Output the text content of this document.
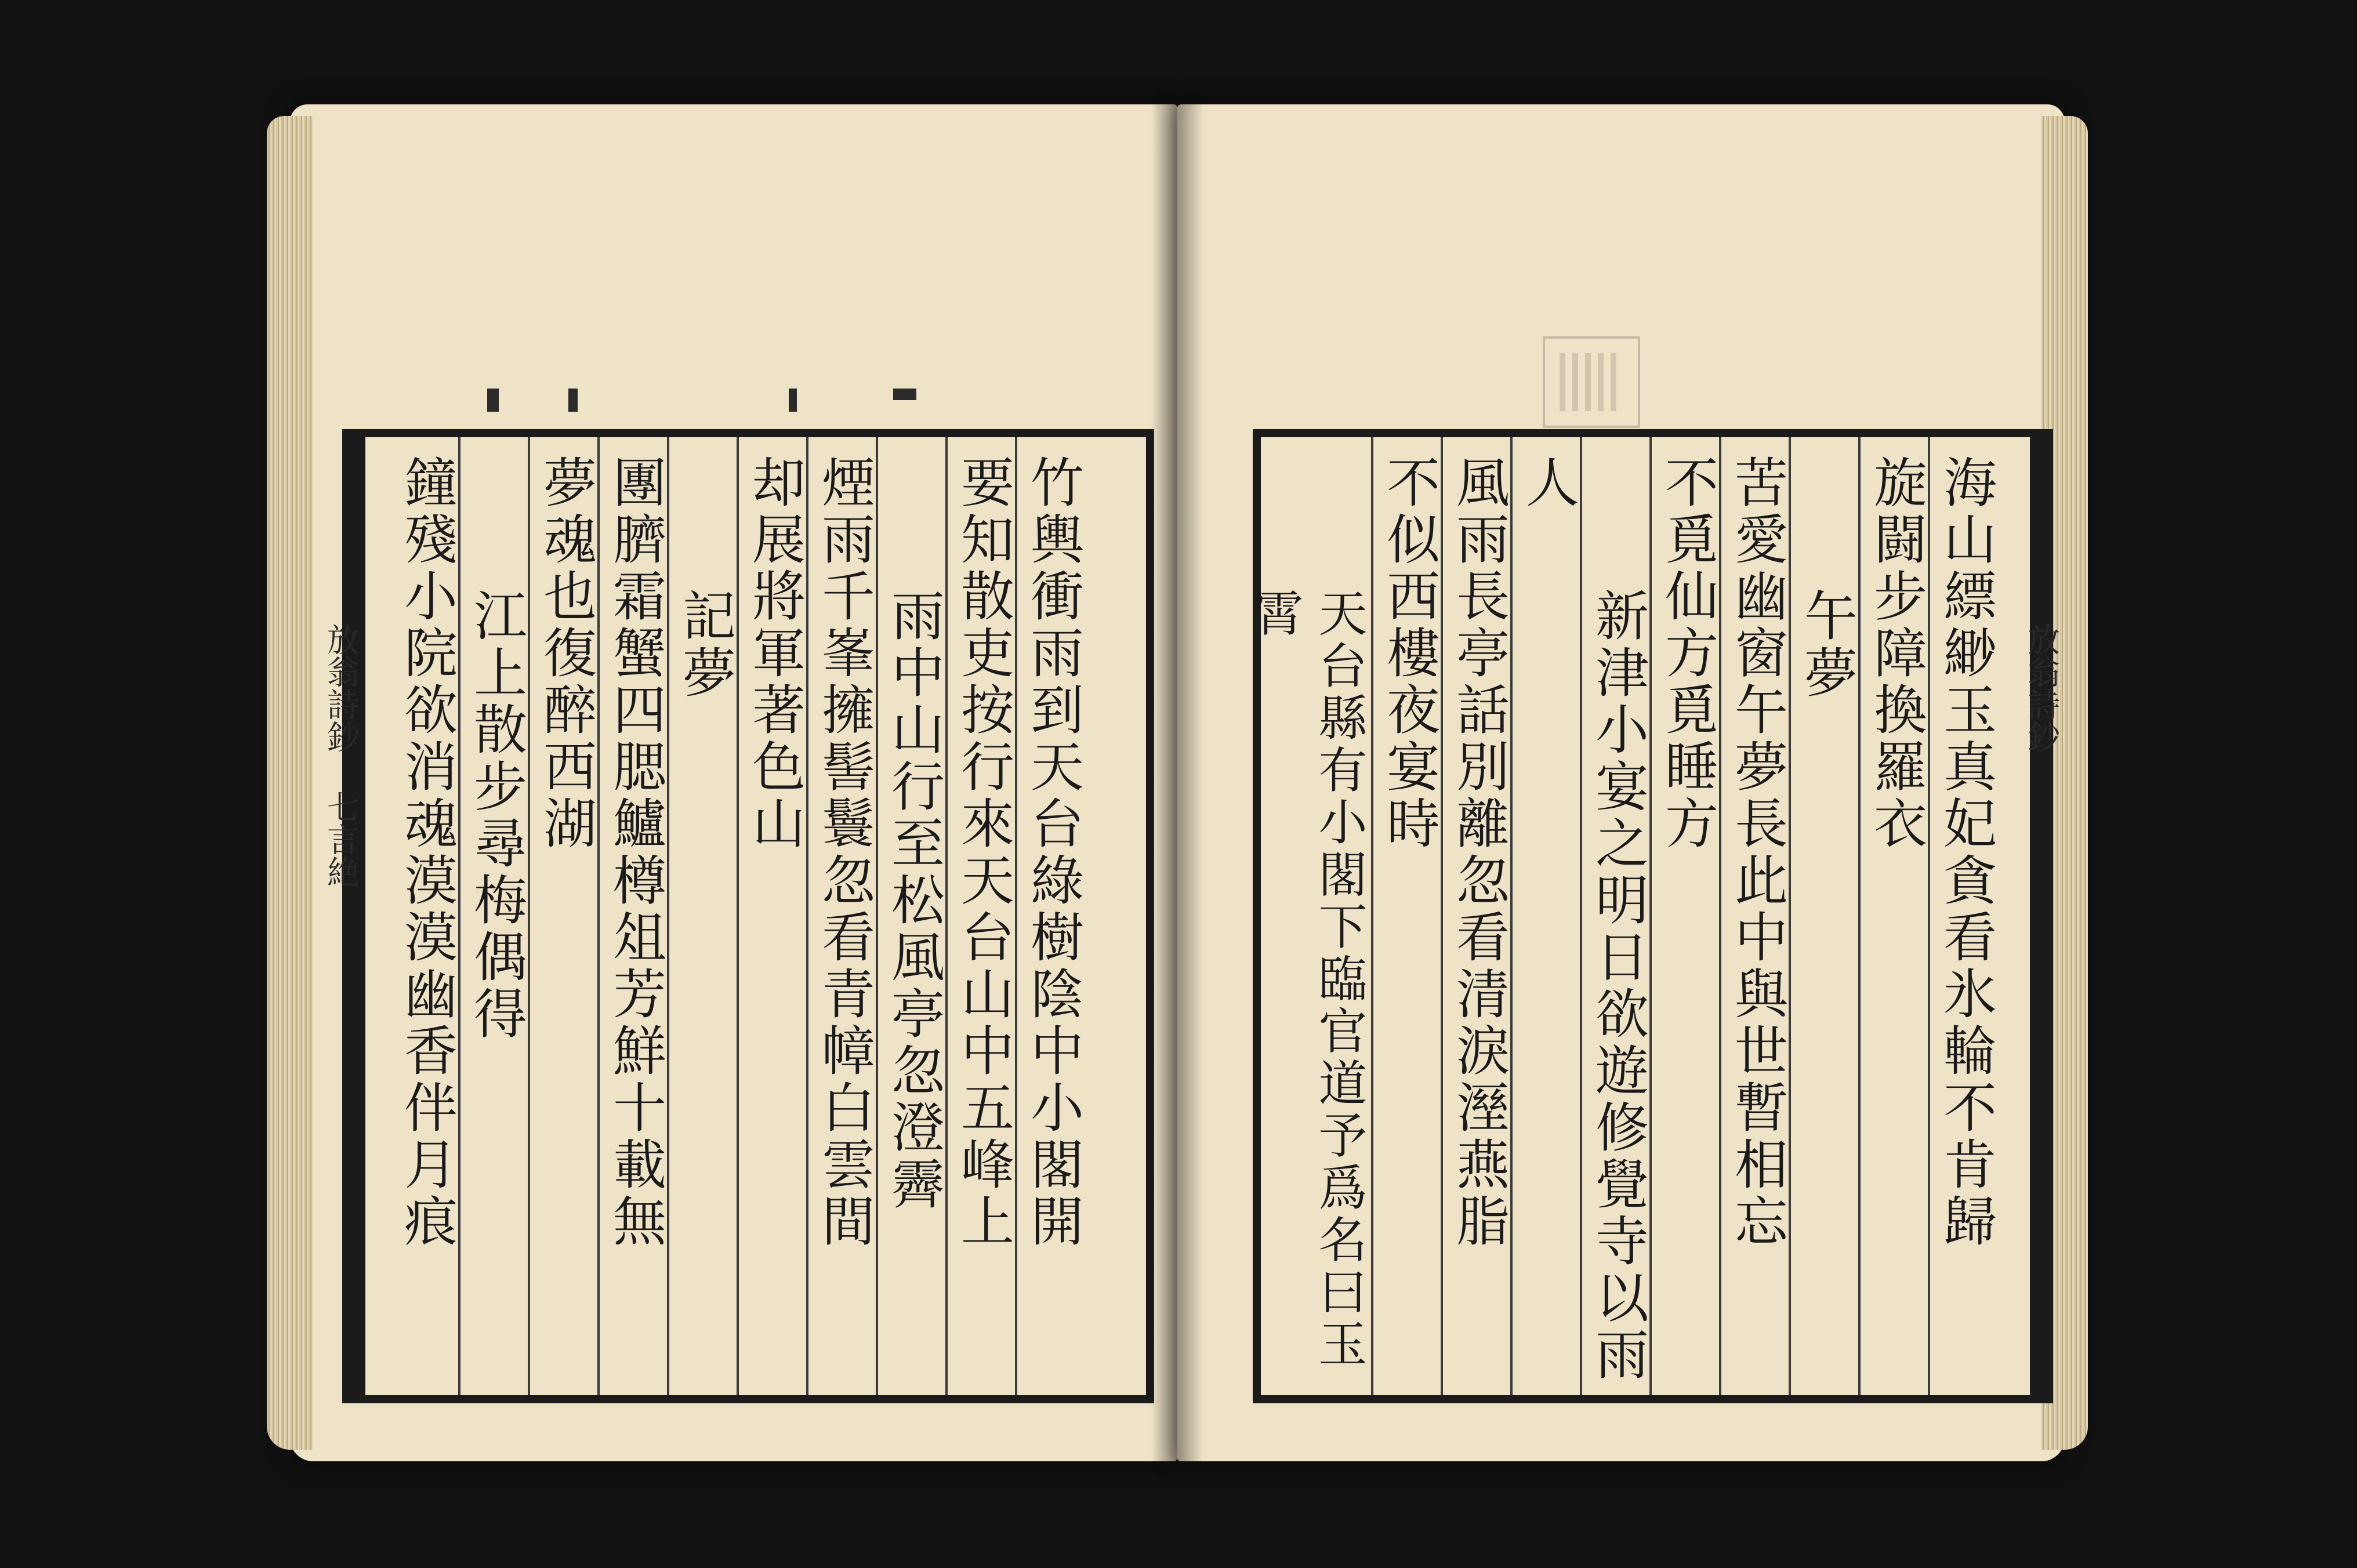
竹輿衝雨到天台綠樹陰中小閣開
要知散吏按行來天台山中五峰上
雨中山行至松風亭忽澄霽
煙雨千峯擁髻鬟忽看青幛白雲間
却展將軍著色山
記夢
團臍霜蟹四腮鱸樽俎芳鮮十載無
夢魂也復醉西湖
江上散步尋梅偶得
鐘殘小院欲消魂漠漠幽香伴月痕
放翁詩鈔 七言絶	海山縹緲玉真妃貪看氷輪不肯歸
旋闘步障換羅衣
午夢
苦愛幽窗午夢長此中與世暫相忘
不覓仙方覓睡方
新津小宴之明日欲遊修覺寺以雨
人
風雨長亭話別離忽看清淚溼燕脂
不似西樓夜宴時
天台縣有小閣下臨官道予爲名曰玉霄
放翁詩鈔
